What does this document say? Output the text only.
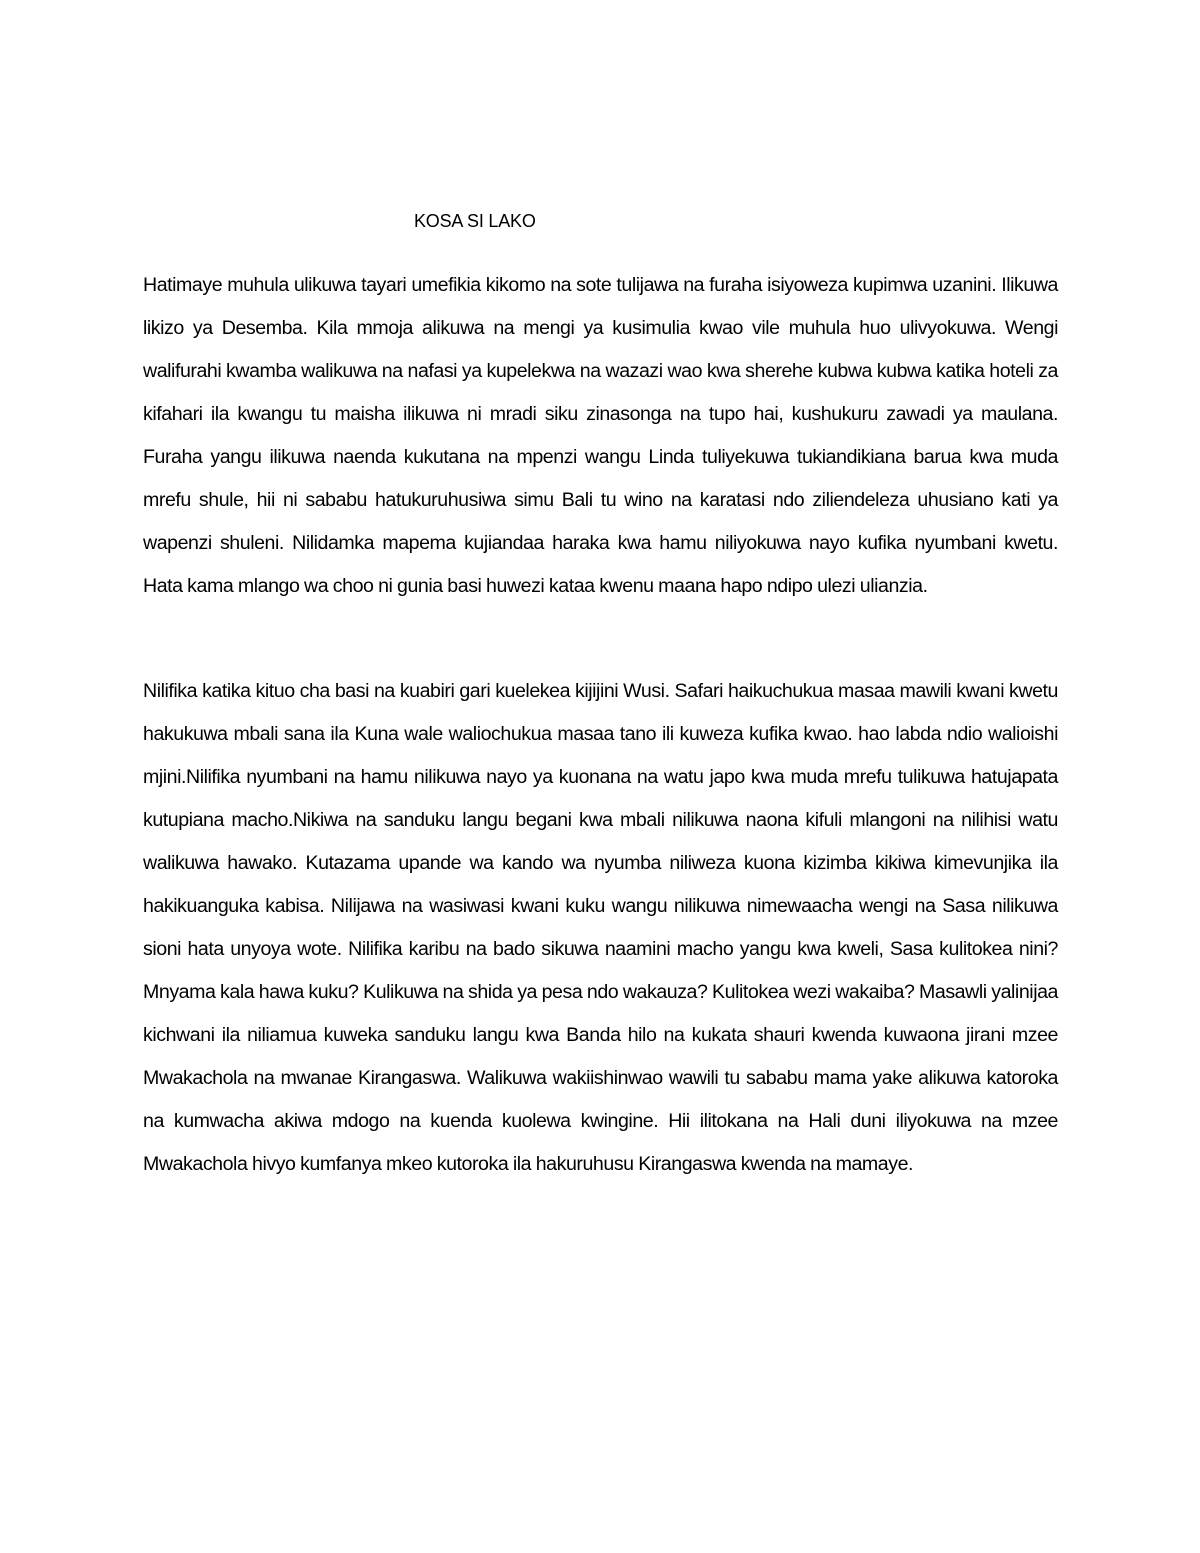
KOSA SI LAKO

Hatimaye muhula ulikuwa tayari umefikia kikomo na sote tulijawa na furaha isiyoweza kupimwa uzanini. Ilikuwa likizo ya Desemba. Kila mmoja alikuwa na mengi ya kusimulia kwao vile muhula huo ulivyokuwa. Wengi walifurahi kwamba walikuwa na nafasi ya kupelekwa na wazazi wao kwa sherehe kubwa kubwa katika hoteli za kifahari ila kwangu tu maisha ilikuwa ni mradi siku zinasonga na tupo hai, kushukuru zawadi ya maulana. Furaha yangu ilikuwa naenda kukutana na mpenzi wangu Linda tuliyekuwa tukiandikiana barua kwa muda mrefu shule, hii ni sababu hatukuruhusiwa simu Bali tu wino na karatasi ndo ziliendeleza uhusiano kati ya wapenzi shuleni. Nilidamka mapema kujiandaa haraka kwa hamu niliyokuwa nayo kufika nyumbani kwetu. Hata kama mlango wa choo ni gunia basi huwezi kataa kwenu maana hapo ndipo ulezi ulianzia.

Nilifika katika kituo cha basi na kuabiri gari kuelekea kijijini Wusi. Safari haikuchukua masaa mawili kwani kwetu hakukuwa mbali sana ila Kuna wale waliochukua masaa tano ili kuweza kufika kwao. hao labda ndio walioishi mjini.Nilifika nyumbani na hamu nilikuwa nayo ya kuonana na watu japo kwa muda mrefu tulikuwa hatujapata kutupiana macho.Nikiwa na sanduku langu begani kwa mbali nilikuwa naona kifuli mlangoni na nilihisi watu walikuwa hawako. Kutazama upande wa kando wa nyumba niliweza kuona kizimba kikiwa kimevunjika ila hakikuanguka kabisa. Nilijawa na wasiwasi kwani kuku wangu nilikuwa nimewaacha wengi na Sasa nilikuwa sioni hata unyoya wote. Nilifika karibu na bado sikuwa naamini macho yangu kwa kweli, Sasa kulitokea nini? Mnyama kala hawa kuku? Kulikuwa na shida ya pesa ndo wakauza? Kulitokea wezi wakaiba? Masawli yalinijaa kichwani ila niliamua kuweka sanduku langu kwa Banda hilo na kukata shauri kwenda kuwaona jirani mzee Mwakachola na mwanae Kirangaswa. Walikuwa wakiishinwao wawili tu sababu mama yake alikuwa katoroka na kumwacha akiwa mdogo na kuenda kuolewa kwingine. Hii ilitokana na Hali duni iliyokuwa na mzee Mwakachola hivyo kumfanya mkeo kutoroka ila hakuruhusu Kirangaswa kwenda na mamaye.
